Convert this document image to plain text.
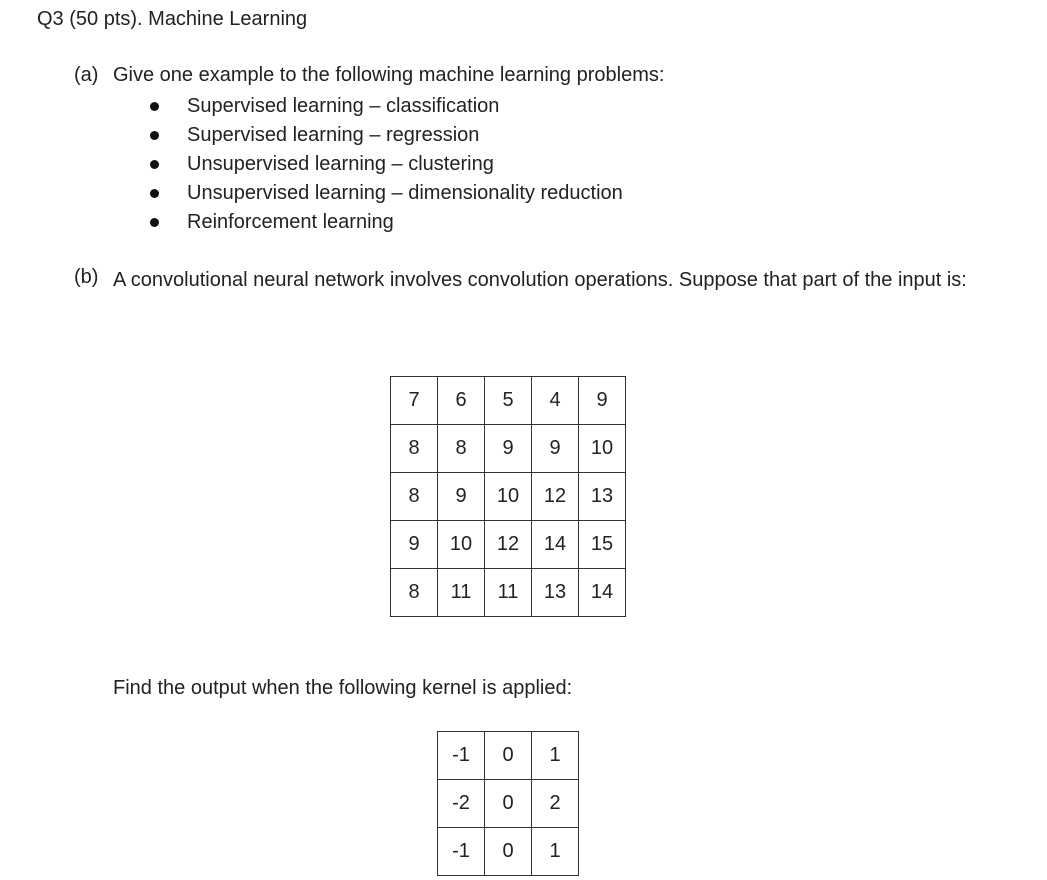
Q3 (50 pts). Machine Learning
(a) Give one example to the following machine learning problems:
Supervised learning – classification
Supervised learning – regression
Unsupervised learning – clustering
Unsupervised learning – dimensionality reduction
Reinforcement learning
(b) A convolutional neural network involves convolution operations. Suppose that part of the input is:
7	6	5	4	9
8	8	9	9	10
8	9	10	12	13
9	10	12	14	15
8	11	11	13	14
Find the output when the following kernel is applied:
-1	0	1
-2	0	2
-1	0	1
